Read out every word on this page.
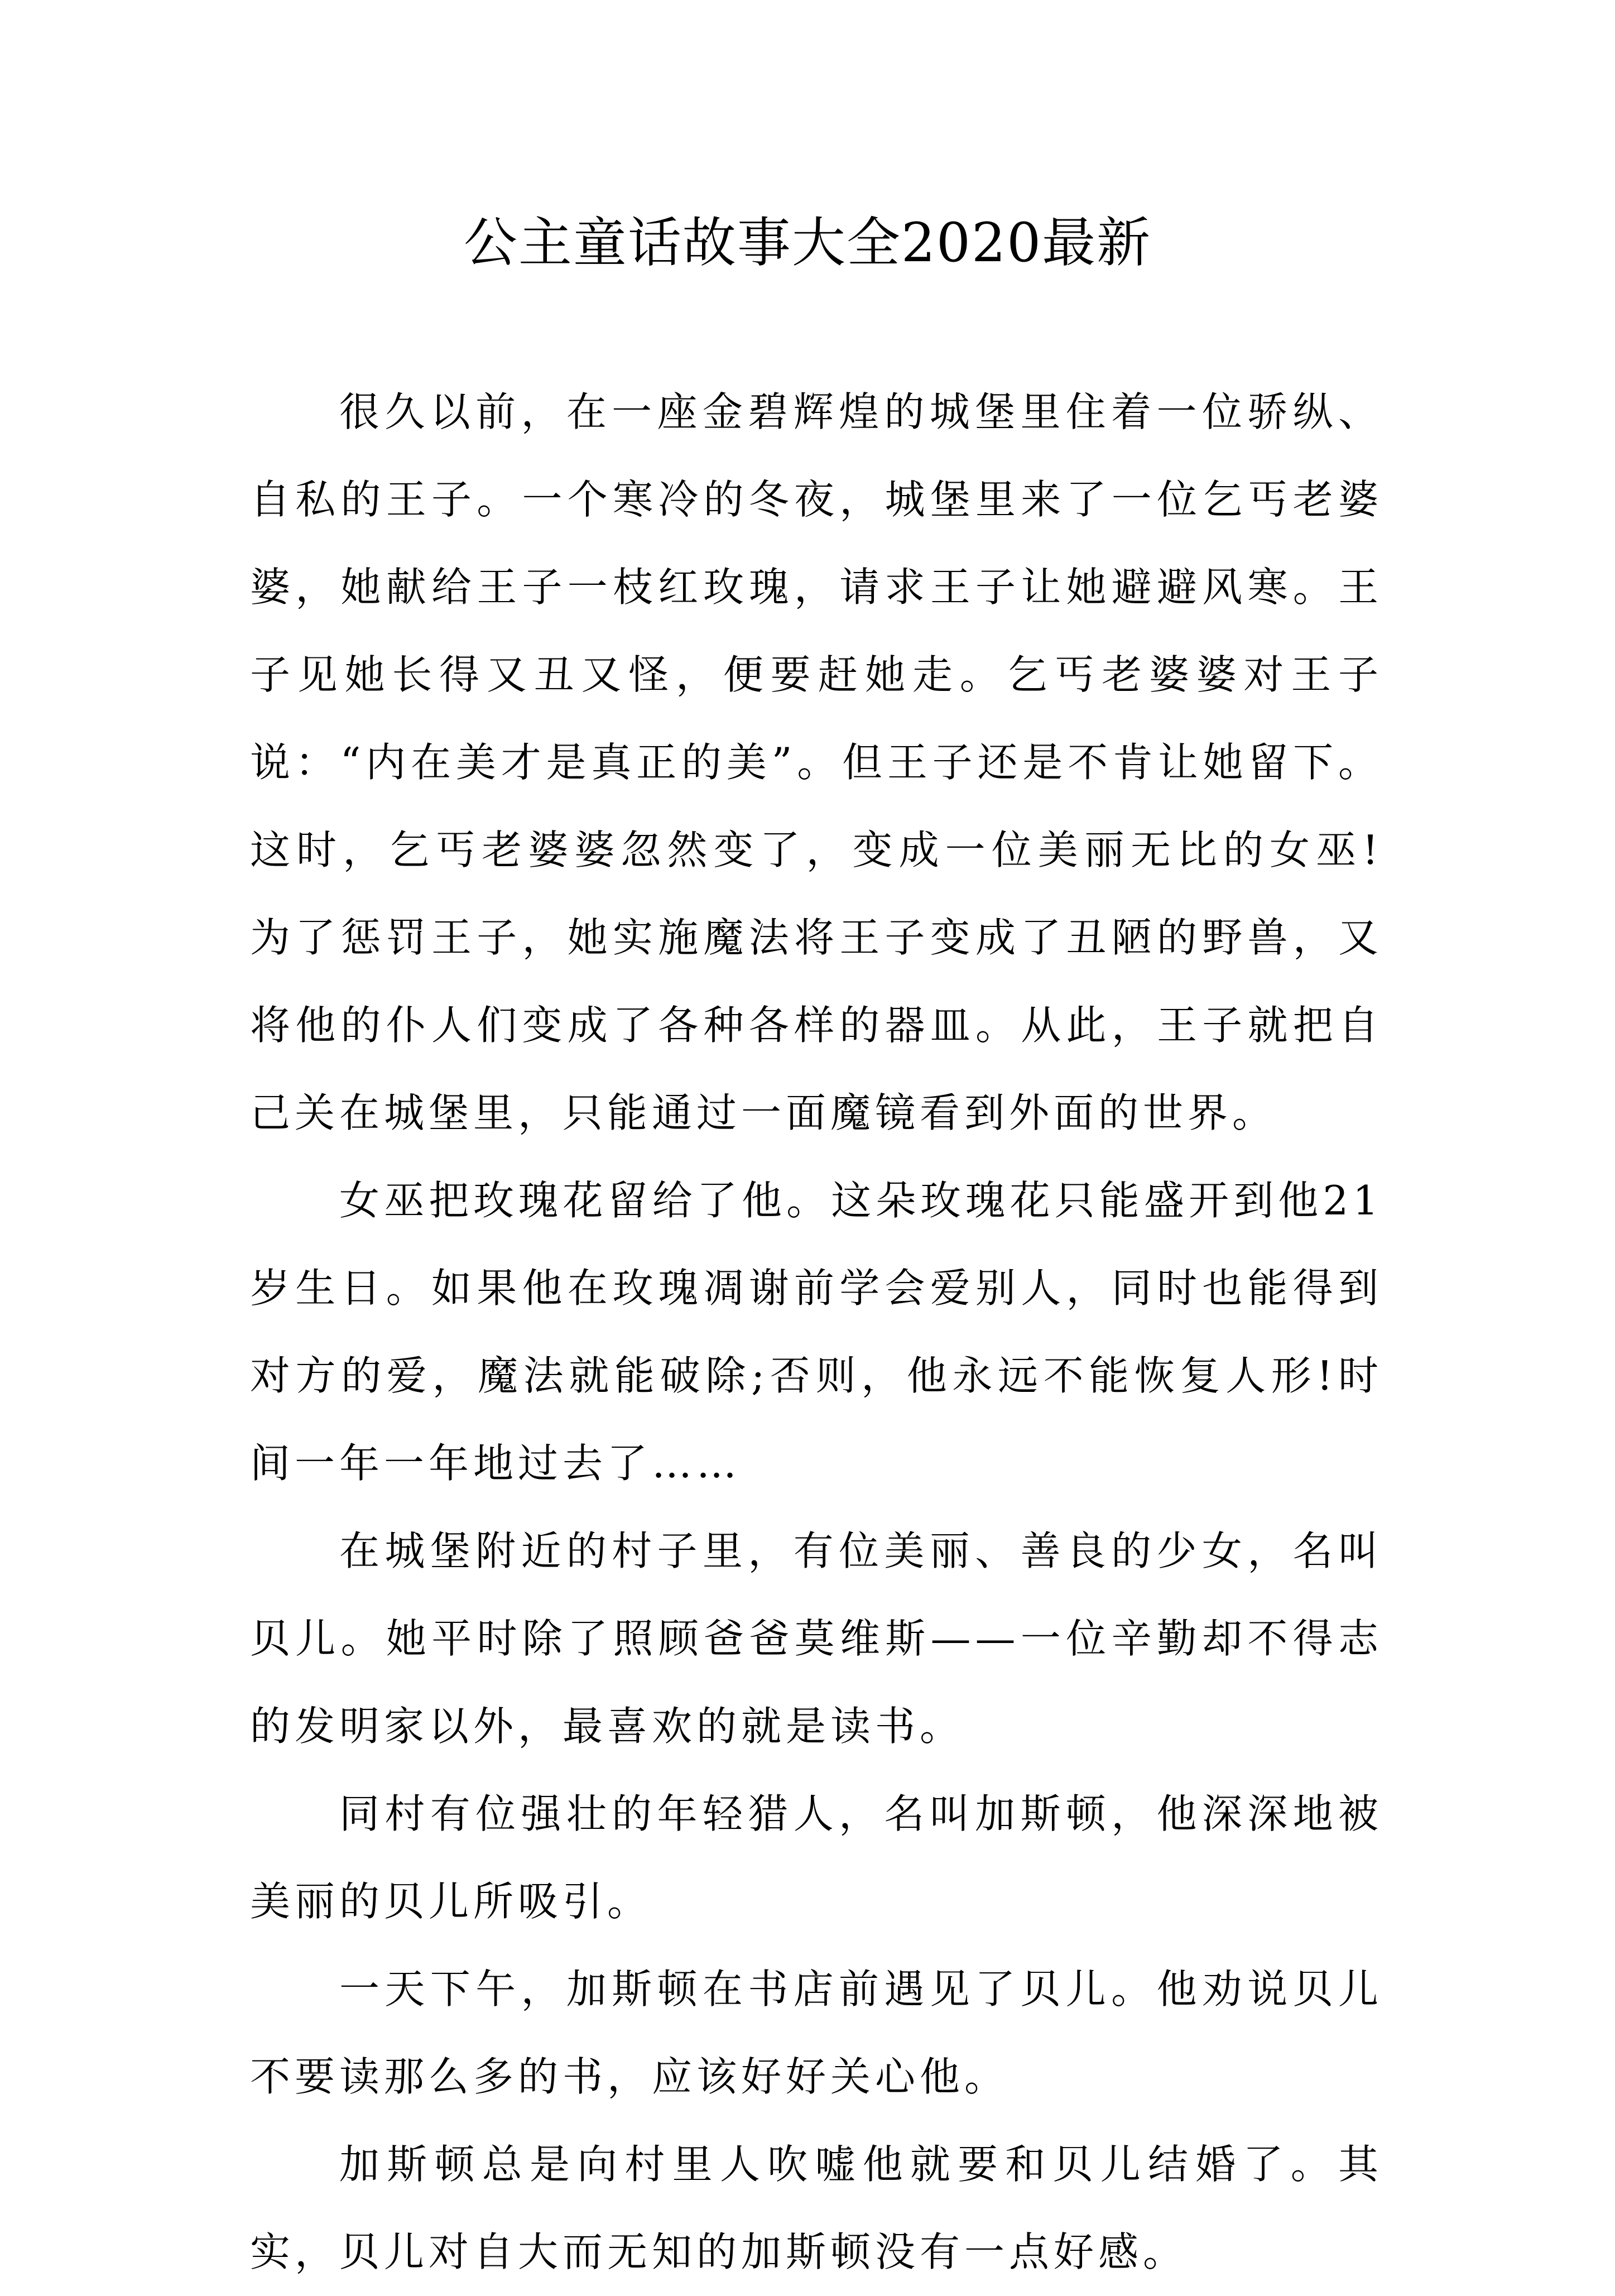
公主童话故事大全2020最新

很久以前，在一座金碧辉煌的城堡里住着一位骄纵、自私的王子。一个寒冷的冬夜，城堡里来了一位乞丐老婆婆，她献给王子一枝红玫瑰，请求王子让她避避风寒。王子见她长得又丑又怪，便要赶她走。乞丐老婆婆对王子说：“内在美才是真正的美”。但王子还是不肯让她留下。这时，乞丐老婆婆忽然变了，变成一位美丽无比的女巫!为了惩罚王子，她实施魔法将王子变成了丑陋的野兽，又将他的仆人们变成了各种各样的器皿。从此，王子就把自己关在城堡里，只能通过一面魔镜看到外面的世界。

女巫把玫瑰花留给了他。这朵玫瑰花只能盛开到他21岁生日。如果他在玫瑰凋谢前学会爱别人，同时也能得到对方的爱，魔法就能破除;否则，他永远不能恢复人形!时间一年一年地过去了……

在城堡附近的村子里，有位美丽、善良的少女，名叫贝儿。她平时除了照顾爸爸莫维斯——一位辛勤却不得志的发明家以外，最喜欢的就是读书。

同村有位强壮的年轻猎人，名叫加斯顿，他深深地被美丽的贝儿所吸引。

一天下午，加斯顿在书店前遇见了贝儿。他劝说贝儿不要读那么多的书，应该好好关心他。

加斯顿总是向村里人吹嘘他就要和贝儿结婚了。其实，贝儿对自大而无知的加斯顿没有一点好感。
